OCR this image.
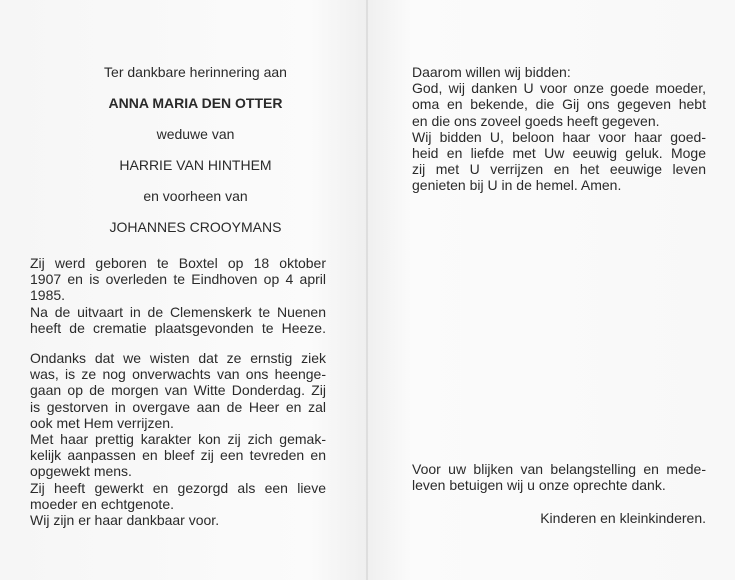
Ter dankbare herinnering aan
ANNA MARIA DEN OTTER
weduwe van
HARRIE VAN HINTHEM
en voorheen van
JOHANNES CROOYMANS
Zij werd geboren te Boxtel op 18 oktober
1907 en is overleden te Eindhoven op 4 april
1985.
Na de uitvaart in de Clemenskerk te Nuenen
heeft de crematie plaatsgevonden te Heeze.
Ondanks dat we wisten dat ze ernstig ziek
was, is ze nog onverwachts van ons heenge-
gaan op de morgen van Witte Donderdag. Zij
is gestorven in overgave aan de Heer en zal
ook met Hem verrijzen.
Met haar prettig karakter kon zij zich gemak-
kelijk aanpassen en bleef zij een tevreden en
opgewekt mens.
Zij heeft gewerkt en gezorgd als een lieve
moeder en echtgenote.
Wij zijn er haar dankbaar voor.
Daarom willen wij bidden:
God, wij danken U voor onze goede moeder,
oma en bekende, die Gij ons gegeven hebt
en die ons zoveel goeds heeft gegeven.
Wij bidden U, beloon haar voor haar goed-
heid en liefde met Uw eeuwig geluk. Moge
zij met U verrijzen en het eeuwige leven
genieten bij U in de hemel. Amen.
Voor uw blijken van belangstelling en mede-
leven betuigen wij u onze oprechte dank.
Kinderen en kleinkinderen.
